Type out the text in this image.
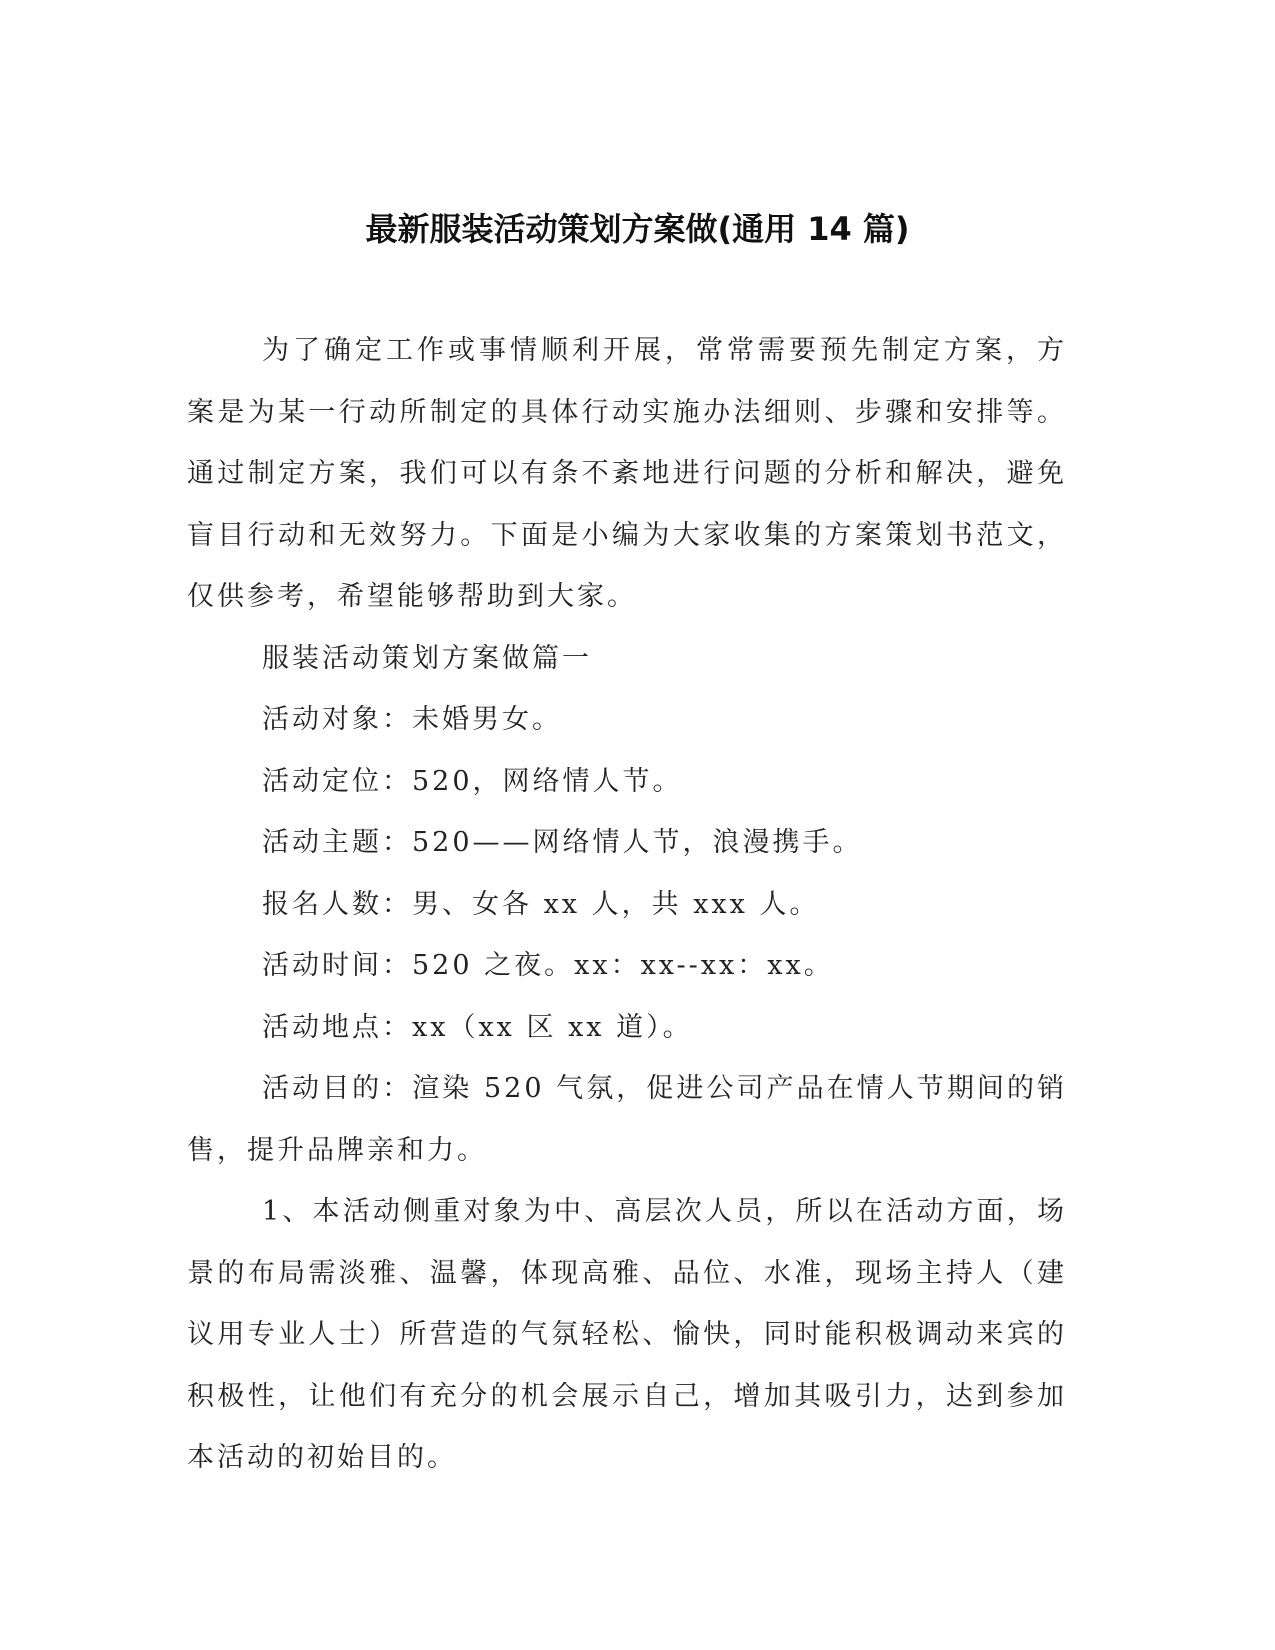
最新服装活动策划方案做(通用 14 篇)

为了确定工作或事情顺利开展，常常需要预先制定方案，方案是为某一行动所制定的具体行动实施办法细则、步骤和安排等。通过制定方案，我们可以有条不紊地进行问题的分析和解决，避免盲目行动和无效努力。下面是小编为大家收集的方案策划书范文，仅供参考，希望能够帮助到大家。

服装活动策划方案做篇一

活动对象：未婚男女。

活动定位：520，网络情人节。

活动主题：520——网络情人节，浪漫携手。

报名人数：男、女各 xx 人，共 xxx 人。

活动时间：520 之夜。xx：xx--xx：xx。

活动地点：xx（xx 区 xx 道）。

活动目的：渲染 520 气氛，促进公司产品在情人节期间的销售，提升品牌亲和力。

1、本活动侧重对象为中、高层次人员，所以在活动方面，场景的布局需淡雅、温馨，体现高雅、品位、水准，现场主持人（建议用专业人士）所营造的气氛轻松、愉快，同时能积极调动来宾的积极性，让他们有充分的机会展示自己，增加其吸引力，达到参加本活动的初始目的。
